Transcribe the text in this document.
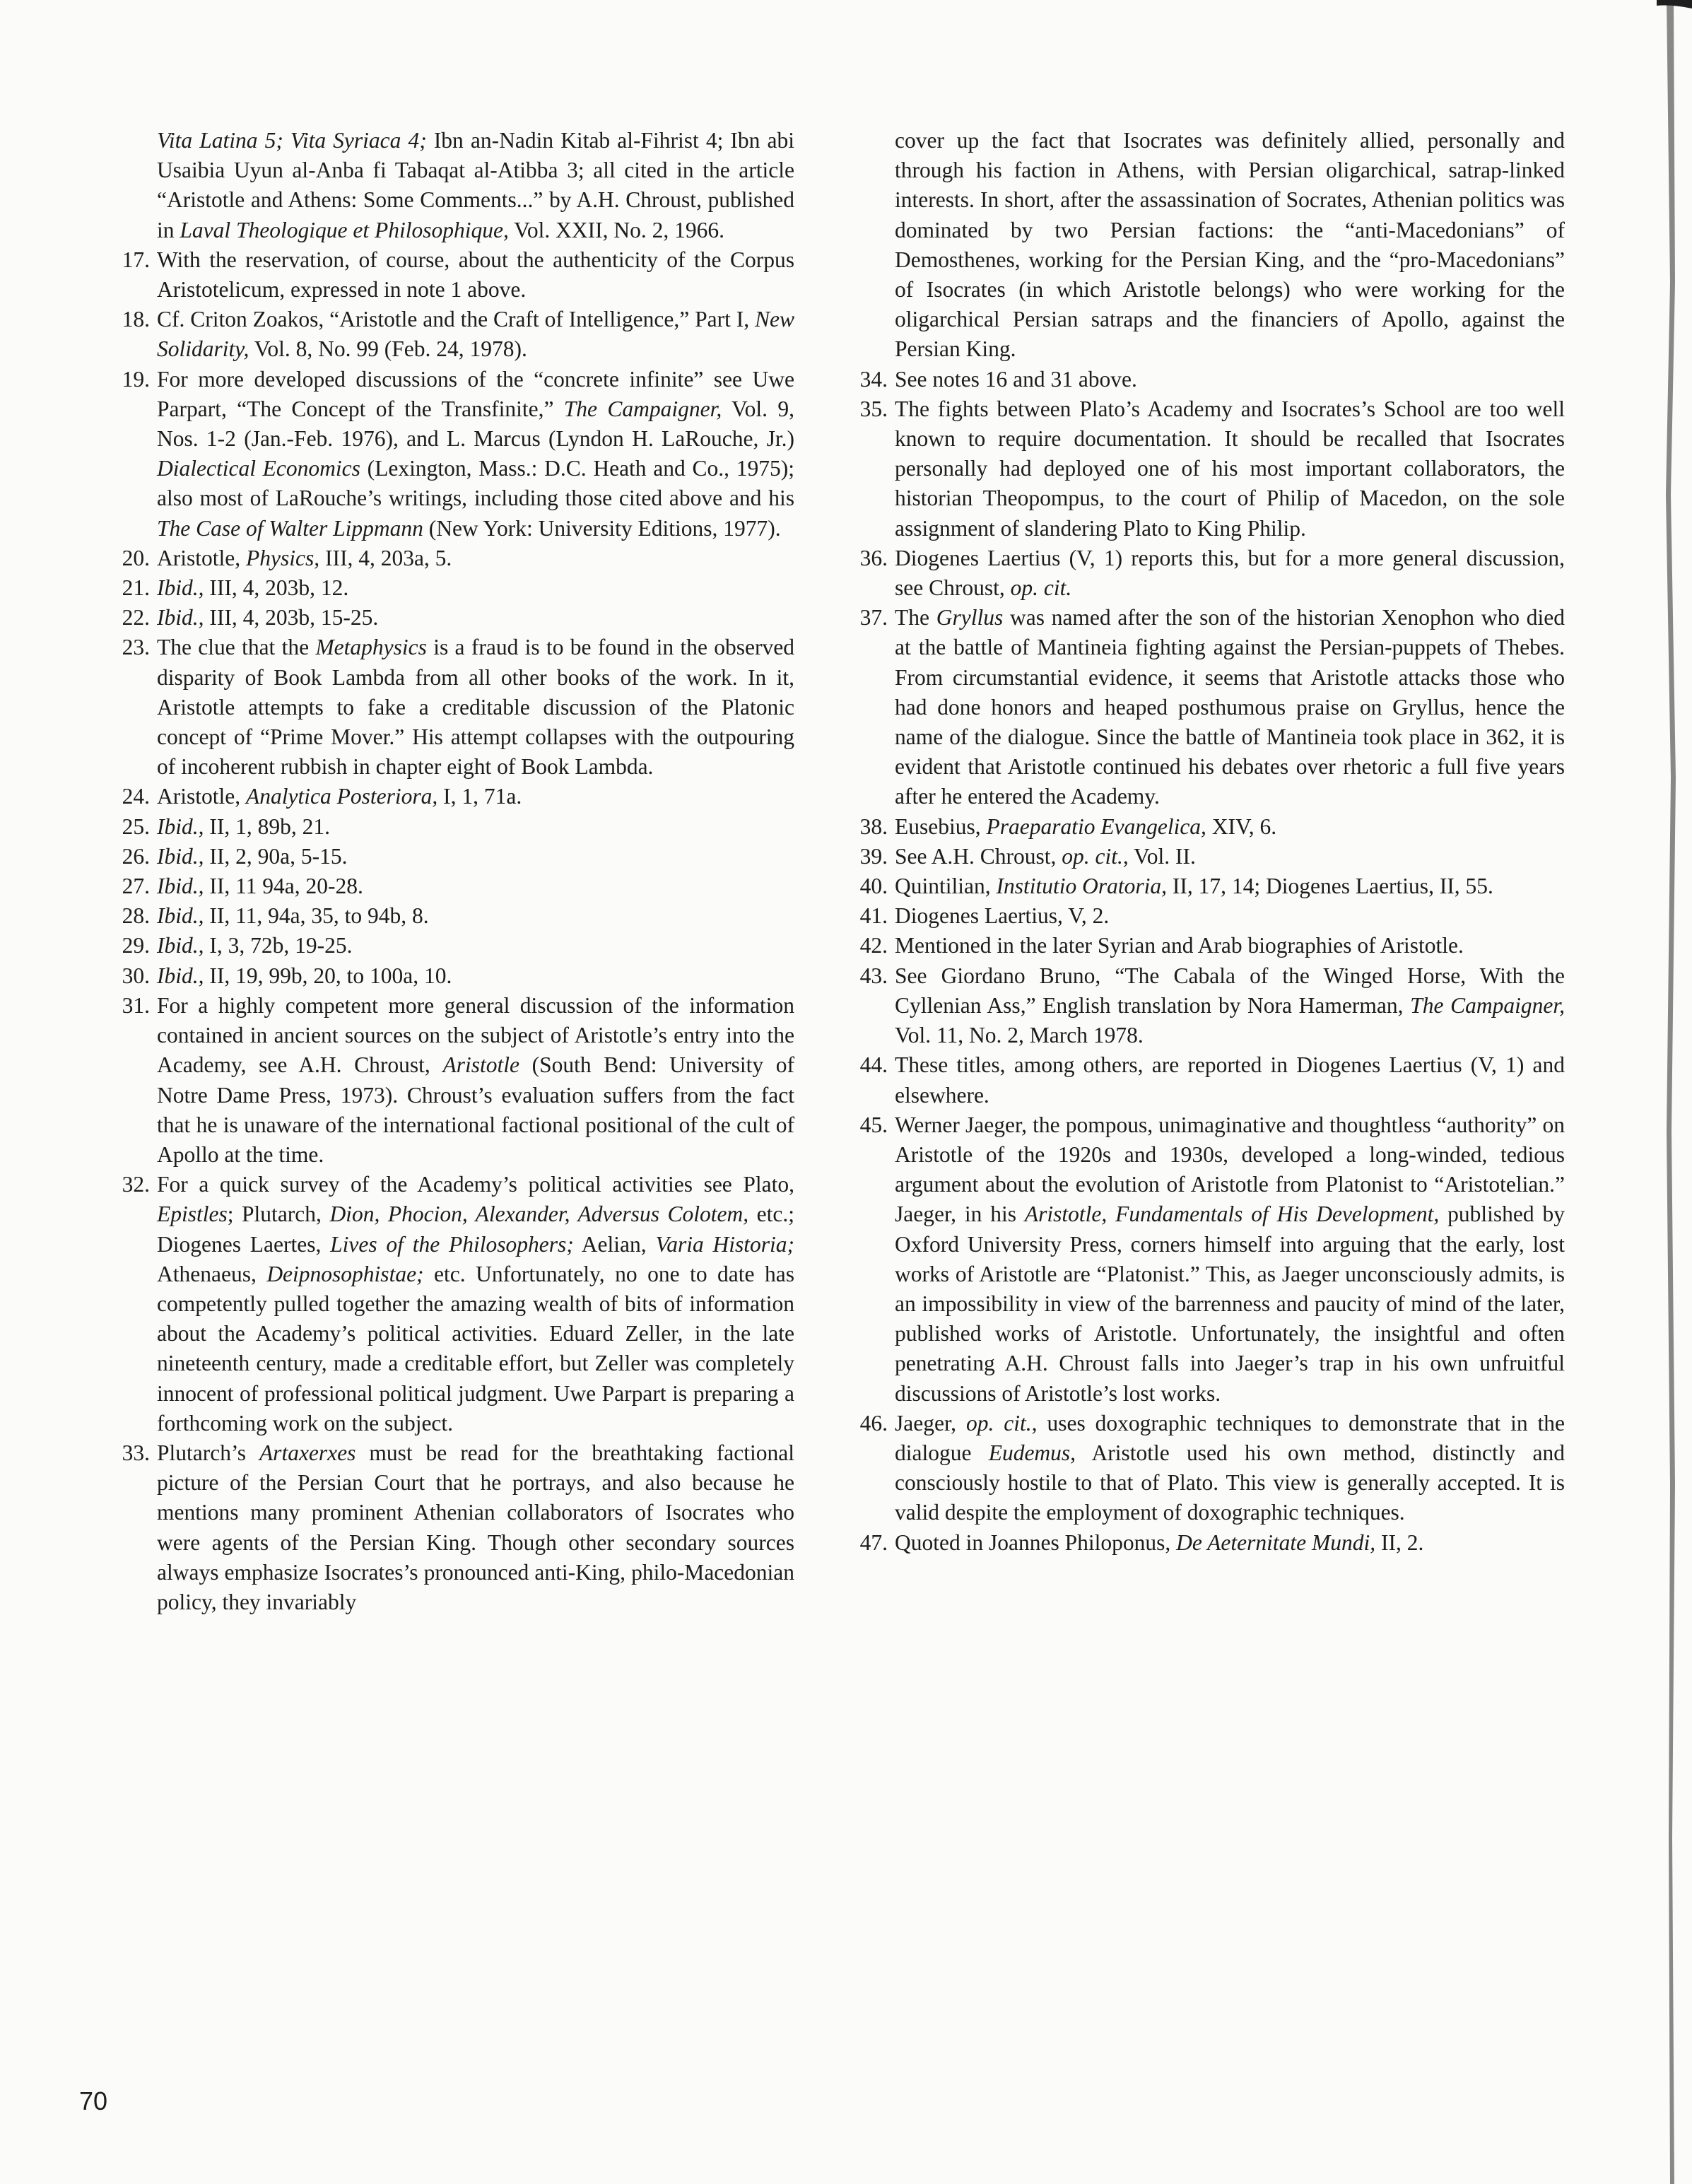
Vita Latina 5; Vita Syriaca 4; Ibn an-Nadin Kitab al-Fihrist 4; Ibn abi Usaibia Uyun al-Anba fi Tabaqat al-Atibba 3; all cited in the article “Aristotle and Athens: Some Comments...” by A.H. Chroust, published in Laval Theologique et Philosophique, Vol. XXII, No. 2, 1966.
17. With the reservation, of course, about the authenticity of the Corpus Aristotelicum, expressed in note 1 above.
18. Cf. Criton Zoakos, “Aristotle and the Craft of Intelligence,” Part I, New Solidarity, Vol. 8, No. 99 (Feb. 24, 1978).
19. For more developed discussions of the “concrete infinite” see Uwe Parpart, “The Concept of the Transfinite,” The Campaigner, Vol. 9, Nos. 1-2 (Jan.-Feb. 1976), and L. Marcus (Lyndon H. LaRouche, Jr.) Dialectical Economics (Lexington, Mass.: D.C. Heath and Co., 1975); also most of LaRouche’s writings, including those cited above and his The Case of Walter Lippmann (New York: University Editions, 1977).
20. Aristotle, Physics, III, 4, 203a, 5.
21. Ibid., III, 4, 203b, 12.
22. Ibid., III, 4, 203b, 15-25.
23. The clue that the Metaphysics is a fraud is to be found in the observed disparity of Book Lambda from all other books of the work. In it, Aristotle attempts to fake a creditable discussion of the Platonic concept of “Prime Mover.” His attempt collapses with the outpouring of incoherent rubbish in chapter eight of Book Lambda.
24. Aristotle, Analytica Posteriora, I, 1, 71a.
25. Ibid., II, 1, 89b, 21.
26. Ibid., II, 2, 90a, 5-15.
27. Ibid., II, 11 94a, 20-28.
28. Ibid., II, 11, 94a, 35, to 94b, 8.
29. Ibid., I, 3, 72b, 19-25.
30. Ibid., II, 19, 99b, 20, to 100a, 10.
31. For a highly competent more general discussion of the information contained in ancient sources on the subject of Aristotle’s entry into the Academy, see A.H. Chroust, Aristotle (South Bend: University of Notre Dame Press, 1973). Chroust’s evaluation suffers from the fact that he is unaware of the international factional positional of the cult of Apollo at the time.
32. For a quick survey of the Academy’s political activities see Plato, Epistles; Plutarch, Dion, Phocion, Alexander, Adversus Colotem, etc.; Diogenes Laertes, Lives of the Philosophers; Aelian, Varia Historia; Athenaeus, Deipnosophistae; etc. Unfortunately, no one to date has competently pulled together the amazing wealth of bits of information about the Academy’s political activities. Eduard Zeller, in the late nineteenth century, made a creditable effort, but Zeller was completely innocent of professional political judgment. Uwe Parpart is preparing a forthcoming work on the subject.
33. Plutarch’s Artaxerxes must be read for the breathtaking factional picture of the Persian Court that he portrays, and also because he mentions many prominent Athenian collaborators of Isocrates who were agents of the Persian King. Though other secondary sources always emphasize Isocrates’s pronounced anti-King, philo-Macedonian policy, they invariably
cover up the fact that Isocrates was definitely allied, personally and through his faction in Athens, with Persian oligarchical, satrap-linked interests. In short, after the assassination of Socrates, Athenian politics was dominated by two Persian factions: the “anti-Macedonians” of Demosthenes, working for the Persian King, and the “pro-Macedonians” of Isocrates (in which Aristotle belongs) who were working for the oligarchical Persian satraps and the financiers of Apollo, against the Persian King.
34. See notes 16 and 31 above.
35. The fights between Plato’s Academy and Isocrates’s School are too well known to require documentation. It should be recalled that Isocrates personally had deployed one of his most important collaborators, the historian Theopompus, to the court of Philip of Macedon, on the sole assignment of slandering Plato to King Philip.
36. Diogenes Laertius (V, 1) reports this, but for a more general discussion, see Chroust, op. cit.
37. The Gryllus was named after the son of the historian Xenophon who died at the battle of Mantineia fighting against the Persian-puppets of Thebes. From circumstantial evidence, it seems that Aristotle attacks those who had done honors and heaped posthumous praise on Gryllus, hence the name of the dialogue. Since the battle of Mantineia took place in 362, it is evident that Aristotle continued his debates over rhetoric a full five years after he entered the Academy.
38. Eusebius, Praeparatio Evangelica, XIV, 6.
39. See A.H. Chroust, op. cit., Vol. II.
40. Quintilian, Institutio Oratoria, II, 17, 14; Diogenes Laertius, II, 55.
41. Diogenes Laertius, V, 2.
42. Mentioned in the later Syrian and Arab biographies of Aristotle.
43. See Giordano Bruno, “The Cabala of the Winged Horse, With the Cyllenian Ass,” English translation by Nora Hamerman, The Campaigner, Vol. 11, No. 2, March 1978.
44. These titles, among others, are reported in Diogenes Laertius (V, 1) and elsewhere.
45. Werner Jaeger, the pompous, unimaginative and thoughtless “authority” on Aristotle of the 1920s and 1930s, developed a long-winded, tedious argument about the evolution of Aristotle from Platonist to “Aristotelian.” Jaeger, in his Aristotle, Fundamentals of His Development, published by Oxford University Press, corners himself into arguing that the early, lost works of Aristotle are “Platonist.” This, as Jaeger unconsciously admits, is an impossibility in view of the barrenness and paucity of mind of the later, published works of Aristotle. Unfortunately, the insightful and often penetrating A.H. Chroust falls into Jaeger’s trap in his own unfruitful discussions of Aristotle’s lost works.
46. Jaeger, op. cit., uses doxographic techniques to demonstrate that in the dialogue Eudemus, Aristotle used his own method, distinctly and consciously hostile to that of Plato. This view is generally accepted. It is valid despite the employment of doxographic techniques.
47. Quoted in Joannes Philoponus, De Aeternitate Mundi, II, 2.
70
